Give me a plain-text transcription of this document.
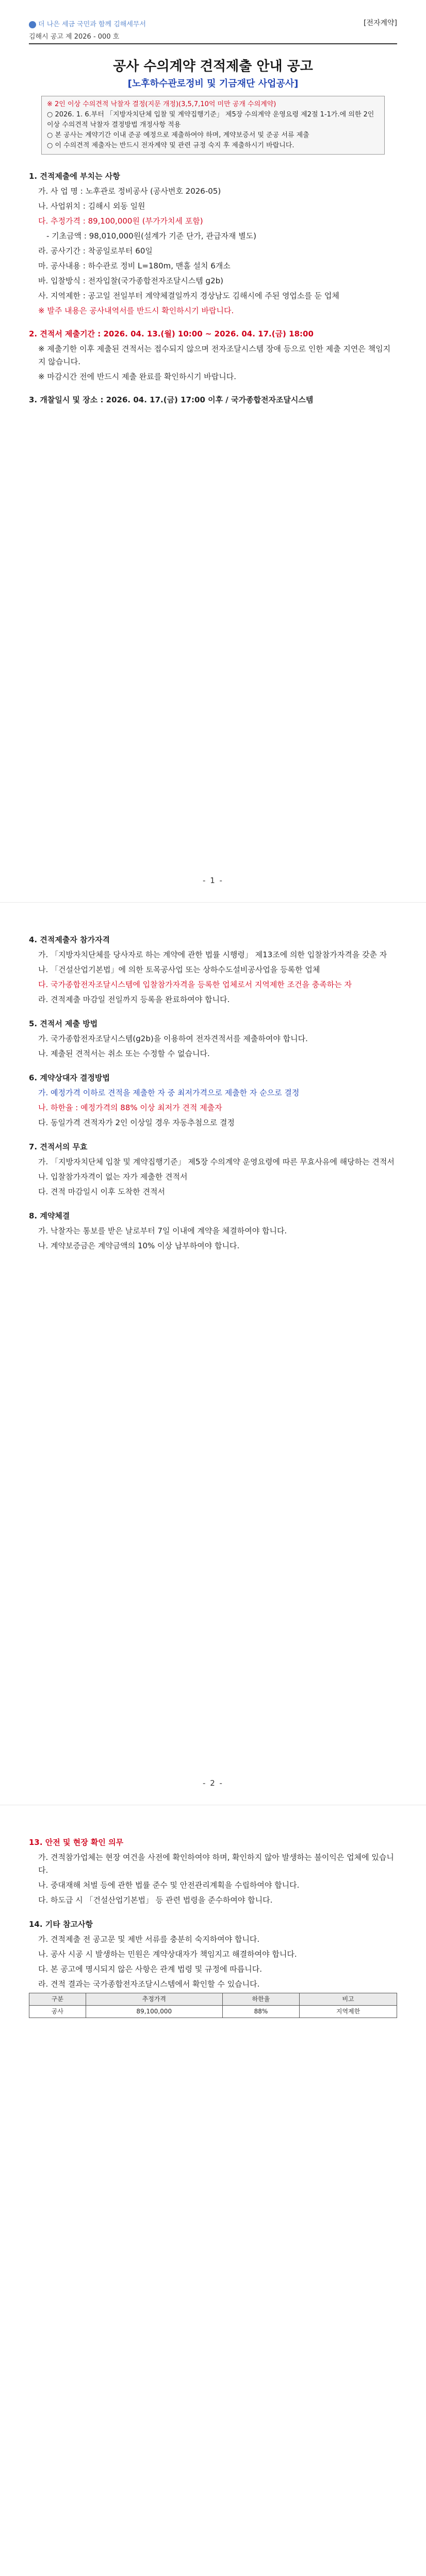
더 나은 세금 국민과 함께 김해세무서	[전자계약]
김해시 공고 제 2026 - 000 호
공사 수의계약 견적제출 안내 공고
[노후하수관로정비 및 기금재단 사업공사]
※ 2인 이상 수의견적 낙찰자 결정(지문 개정)(3,5,7,10억 미만 공개 수의계약)
○ 2026. 1. 6.부터 「지방자치단체 입찰 및 계약집행기준」 제5장 수의계약 운영요령 제2절 1-1가.에 의한 2인 이상 수의견적 낙찰자 결정방법 개정사항 적용
○ 본 공사는 계약기간 이내 준공 예정으로 제출하여야 하며, 계약보증서 및 준공 서류 제출
○ 이 수의견적 제출자는 반드시 전자계약 및 관련 규정 숙지 후 제출하시기 바랍니다.

1. 견적제출에 부치는 사항

가. 사 업 명 : 노후관로 정비공사 (공사번호 2026-05)

나. 사업위치 : 김해시 외동 일원

다. 추정가격 : 89,100,000원 (부가가치세 포함)

- 기초금액 : 98,010,000원(설계가 기준 단가, 관급자재 별도)

라. 공사기간 : 착공일로부터 60일

마. 공사내용 : 하수관로 정비 L=180m, 맨홀 설치 6개소

바. 입찰방식 : 전자입찰(국가종합전자조달시스템 g2b)

사. 지역제한 : 공고일 전일부터 계약체결일까지 경상남도 김해시에 주된 영업소를 둔 업체

※ 발주 내용은 공사내역서를 반드시 확인하시기 바랍니다.

2. 견적서 제출기간 : 2026. 04. 13.(월) 10:00 ~ 2026. 04. 17.(금) 18:00

※ 제출기한 이후 제출된 견적서는 접수되지 않으며 전자조달시스템 장애 등으로 인한 제출 지연은 책임지지 않습니다.

※ 마감시간 전에 반드시 제출 완료를 확인하시기 바랍니다.

3. 개찰일시 및 장소 : 2026. 04. 17.(금) 17:00 이후 / 국가종합전자조달시스템

- 1 -

4. 견적제출자 참가자격

가. 「지방자치단체를 당사자로 하는 계약에 관한 법률 시행령」 제13조에 의한 입찰참가자격을 갖춘 자

나. 「건설산업기본법」에 의한 토목공사업 또는 상하수도설비공사업을 등록한 업체

다. 국가종합전자조달시스템에 입찰참가자격을 등록한 업체로서 지역제한 조건을 충족하는 자

라. 견적제출 마감일 전일까지 등록을 완료하여야 합니다.

5. 견적서 제출 방법

가. 국가종합전자조달시스템(g2b)을 이용하여 전자견적서를 제출하여야 합니다.

나. 제출된 견적서는 취소 또는 수정할 수 없습니다.

6. 계약상대자 결정방법

가. 예정가격 이하로 견적을 제출한 자 중 최저가격으로 제출한 자 순으로 결정

나. 하한율 : 예정가격의 88% 이상 최저가 견적 제출자

다. 동일가격 견적자가 2인 이상일 경우 자동추첨으로 결정

7. 견적서의 무효

가. 「지방자치단체 입찰 및 계약집행기준」 제5장 수의계약 운영요령에 따른 무효사유에 해당하는 견적서

나. 입찰참가자격이 없는 자가 제출한 견적서

다. 견적 마감일시 이후 도착한 견적서

8. 계약체결

가. 낙찰자는 통보를 받은 날로부터 7일 이내에 계약을 체결하여야 합니다.

나. 계약보증금은 계약금액의 10% 이상 납부하여야 합니다.

- 2 -

13. 안전 및 현장 확인 의무

가. 견적참가업체는 현장 여건을 사전에 확인하여야 하며, 확인하지 않아 발생하는 불이익은 업체에 있습니다.

나. 중대재해 처벌 등에 관한 법률 준수 및 안전관리계획을 수립하여야 합니다.

다. 하도급 시 「건설산업기본법」 등 관련 법령을 준수하여야 합니다.

14. 기타 참고사항

가. 견적제출 전 공고문 및 제반 서류를 충분히 숙지하여야 합니다.

나. 공사 시공 시 발생하는 민원은 계약상대자가 책임지고 해결하여야 합니다.

다. 본 공고에 명시되지 않은 사항은 관계 법령 및 규정에 따릅니다.

라. 견적 결과는 국가종합전자조달시스템에서 확인할 수 있습니다.

구분	추정가격	하한율	비고
공사	89,100,000	88%	지역제한
